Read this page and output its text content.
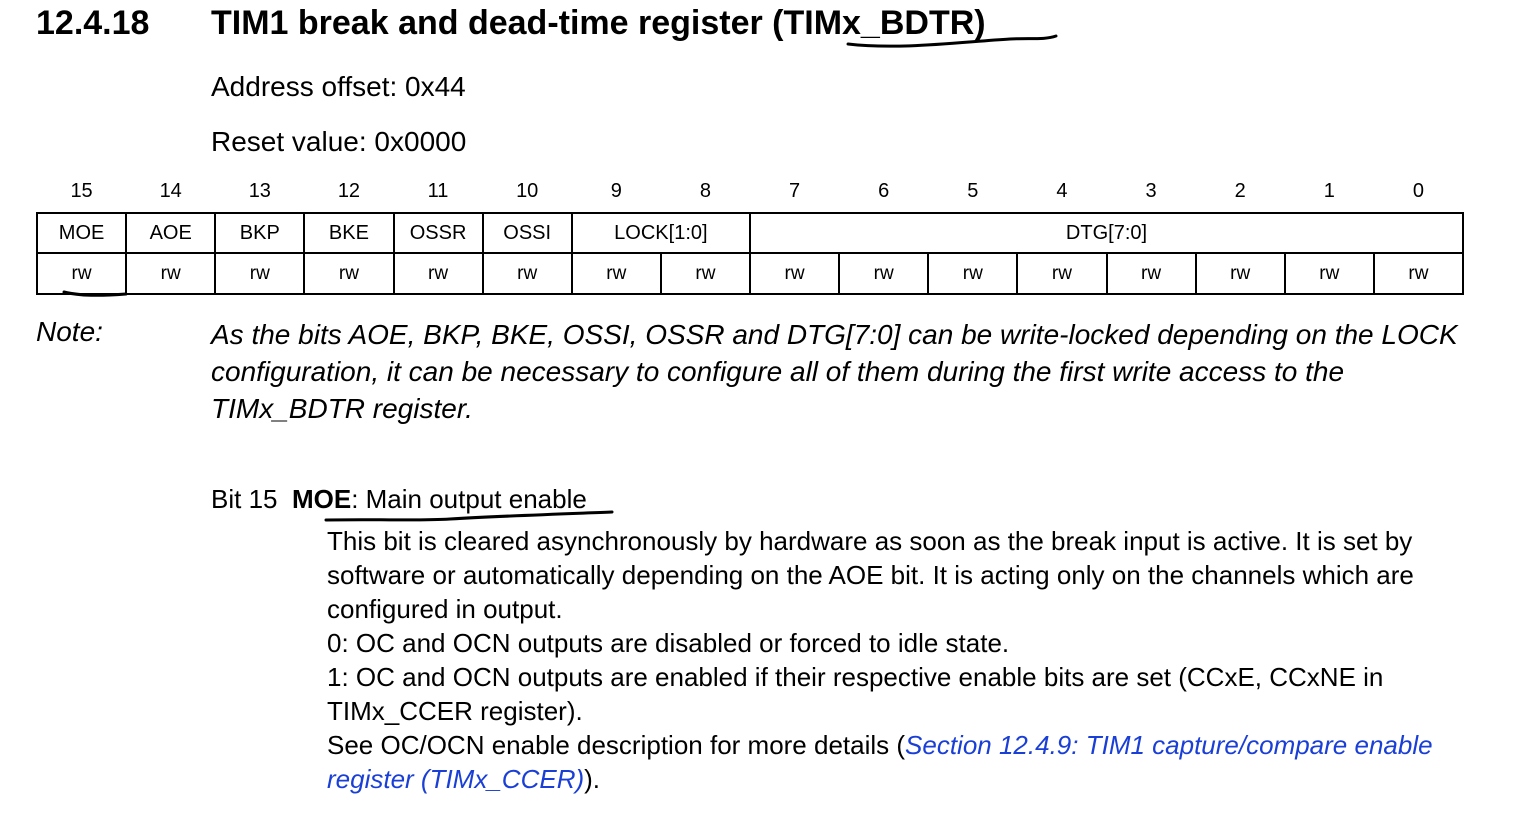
12.4.18 TIM1 break and dead-time register (TIMx_BDTR)
Address offset: 0x44
Reset value: 0x0000
15	14	13	12	11	10	9	8	7	6	5	4	3	2	1	0
MOE	AOE	BKP	BKE	OSSR	OSSI	LOCK[1:0]		DTG[7:0]							
rw	rw	rw	rw	rw	rw	rw	rw	rw	rw	rw	rw	rw	rw	rw	rw
Note:	As the bits AOE, BKP, BKE, OSSI, OSSR and DTG[7:0] can be write-locked depending on the LOCK configuration, it can be necessary to configure all of them during the first write access to the TIMx_BDTR register.
Bit 15 MOE: Main output enable

This bit is cleared asynchronously by hardware as soon as the break input is active. It is set by software or automatically depending on the AOE bit. It is acting only on the channels which are configured in output.

0: OC and OCN outputs are disabled or forced to idle state.

1: OC and OCN outputs are enabled if their respective enable bits are set (CCxE, CCxNE in TIMx_CCER register).

See OC/OCN enable description for more details (Section 12.4.9: TIM1 capture/compare enable register (TIMx_CCER)).
